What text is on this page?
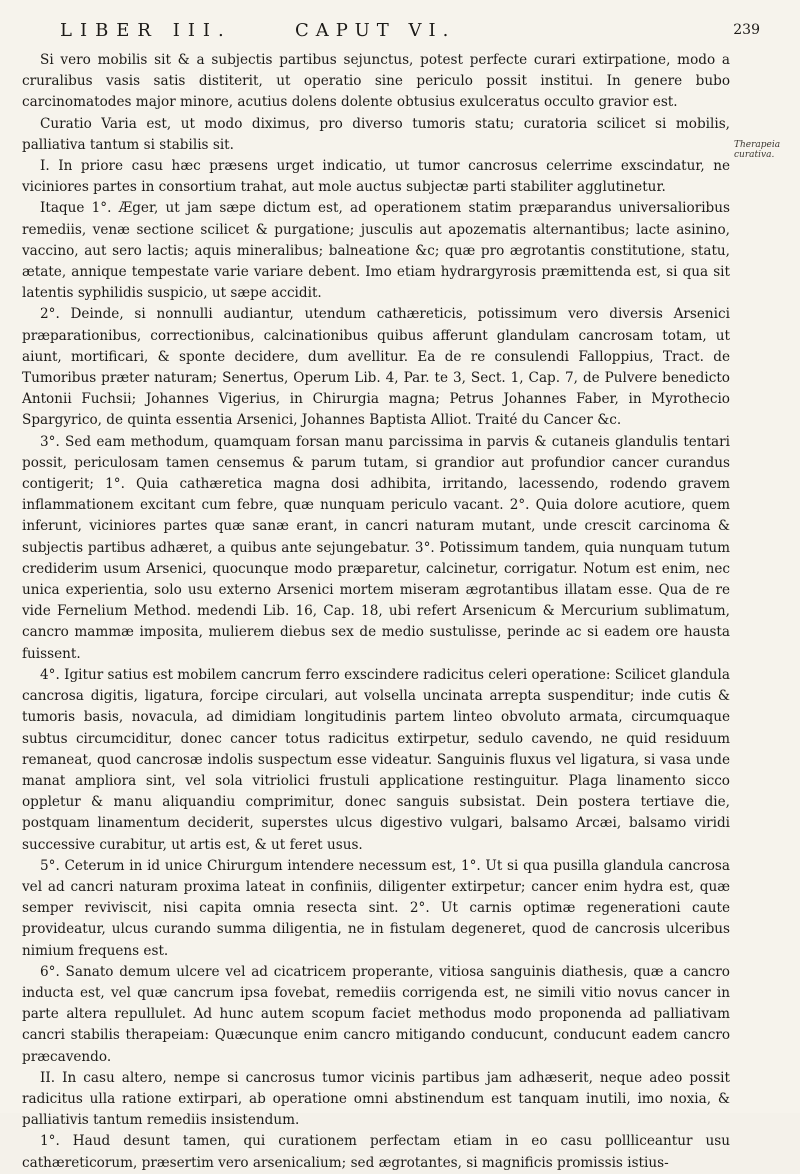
LIBER III.	CAPUT VI.	239
Therapeia curativa.

Si vero mobilis sit & a subjectis partibus sejunctus, potest perfecte curari extirpatione, modo a cruralibus vasis satis distiterit, ut operatio sine periculo possit institui. In genere bubo carcinomatodes major minore, acutius dolens dolente obtusius exulceratus occulto gravior est.

Curatio Varia est, ut modo diximus, pro diverso tumoris statu; curatoria scilicet si mobilis, palliativa tantum si stabilis sit.

I. In priore casu hæc præsens urget indicatio, ut tumor cancrosus celerrime exscindatur, ne viciniores partes in consortium trahat, aut mole auctus subjectæ parti stabiliter agglutinetur.

Itaque 1°. Æger, ut jam sæpe dictum est, ad operationem statim præparandus universalioribus remediis, venæ sectione scilicet & purgatione; jusculis aut apozematis alternantibus; lacte asinino, vaccino, aut sero lactis; aquis mineralibus; balneatione &c; quæ pro ægrotantis constitutione, statu, ætate, annique tempestate varie variare debent. Imo etiam hydrargyrosis præmittenda est, si qua sit latentis syphilidis suspicio, ut sæpe accidit.

2°. Deinde, si nonnulli audiantur, utendum cathæreticis, potissimum vero diversis Arsenici præparationibus, correctionibus, calcinationibus quibus afferunt glandulam cancrosam totam, ut aiunt, mortificari, & sponte decidere, dum avellitur. Ea de re consulendi Falloppius, Tract. de Tumoribus præter naturam; Senertus, Operum Lib. 4, Par. te 3, Sect. 1, Cap. 7, de Pulvere benedicto Antonii Fuchsii; Johannes Vigerius, in Chirurgia magna; Petrus Johannes Faber, in Myrothecio Spargyrico, de quinta essentia Arsenici, Johannes Baptista Alliot. Traité du Cancer &c.

3°. Sed eam methodum, quamquam forsan manu parcissima in parvis & cutaneis glandulis tentari possit, periculosam tamen censemus & parum tutam, si grandior aut profundior cancer curandus contigerit; 1°. Quia cathæretica magna dosi adhibita, irritando, lacessendo, rodendo gravem inflammationem excitant cum febre, quæ nunquam periculo vacant. 2°. Quia dolore acutiore, quem inferunt, viciniores partes quæ sanæ erant, in cancri naturam mutant, unde crescit carcinoma & subjectis partibus adhæret, a quibus ante sejungebatur. 3°. Potissimum tandem, quia nunquam tutum crediderim usum Arsenici, quocunque modo præparetur, calcinetur, corrigatur. Notum est enim, nec unica experientia, solo usu externo Arsenici mortem miseram ægrotantibus illatam esse. Qua de re vide Fernelium Method. medendi Lib. 16, Cap. 18, ubi refert Arsenicum & Mercurium sublimatum, cancro mammæ imposita, mulierem diebus sex de medio sustulisse, perinde ac si eadem ore hausta fuissent.

4°. Igitur satius est mobilem cancrum ferro exscindere radicitus celeri operatione: Scilicet glandula cancrosa digitis, ligatura, forcipe circulari, aut volsella uncinata arrepta suspenditur; inde cutis & tumoris basis, novacula, ad dimidiam longitudinis partem linteo obvoluto armata, circumquaque subtus circumciditur, donec cancer totus radicitus extirpetur, sedulo cavendo, ne quid residuum remaneat, quod cancrosæ indolis suspectum esse videatur. Sanguinis fluxus vel ligatura, si vasa unde manat ampliora sint, vel sola vitriolici frustuli applicatione restinguitur. Plaga linamento sicco oppletur & manu aliquandiu comprimitur, donec sanguis subsistat. Dein postera tertiave die, postquam linamentum deciderit, superstes ulcus digestivo vulgari, balsamo Arcæi, balsamo viridi successive curabitur, ut artis est, & ut feret usus.

5°. Ceterum in id unice Chirurgum intendere necessum est, 1°. Ut si qua pusilla glandula cancrosa vel ad cancri naturam proxima lateat in confiniis, diligenter extirpetur; cancer enim hydra est, quæ semper reviviscit, nisi capita omnia resecta sint. 2°. Ut carnis optimæ regenerationi caute provideatur, ulcus curando summa diligentia, ne in fistulam degeneret, quod de cancrosis ulceribus nimium frequens est.

6°. Sanato demum ulcere vel ad cicatricem properante, vitiosa sanguinis diathesis, quæ a cancro inducta est, vel quæ cancrum ipsa fovebat, remediis corrigenda est, ne simili vitio novus cancer in parte altera repullulet. Ad hunc autem scopum faciet methodus modo proponenda ad palliativam cancri stabilis therapeiam: Quæcunque enim cancro mitigando conducunt, conducunt eadem cancro præcavendo.

II. In casu altero, nempe si cancrosus tumor vicinis partibus jam adhæserit, neque adeo possit radicitus ulla ratione extirpari, ab operatione omni abstinendum est tanquam inutili, imo noxia, & palliativis tantum remediis insistendum.

1°. Haud desunt tamen, qui curationem perfectam etiam in eo casu pollliceantur usu cathæreticorum, præsertim vero arsenicalium; sed ægrotantes, si magnificis promissis istius-
